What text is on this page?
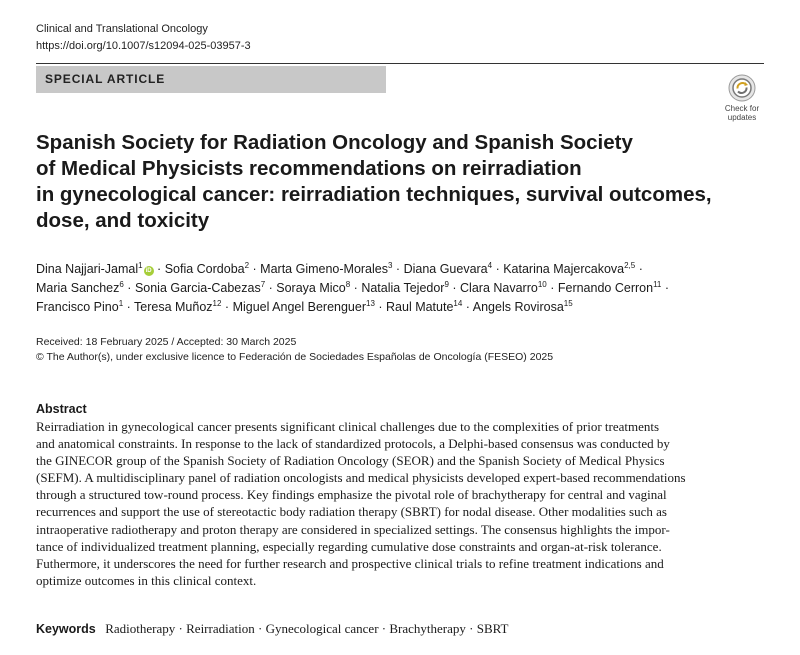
Clinical and Translational Oncology
https://doi.org/10.1007/s12094-025-03957-3
SPECIAL ARTICLE
Check for
updates
Spanish Society for Radiation Oncology and Spanish Society
of Medical Physicists recommendations on reirradiation
in gynecological cancer: reirradiation techniques, survival outcomes,
dose, and toxicity
Dina Najjari-Jamal$^1$iD · Sofia Cordoba$^2$ · Marta Gimeno-Morales$^3$ · Diana Guevara$^4$ · Katarina Majercakova$^{2,5}$ ·
Maria Sanchez$^6$ · Sonia Garcia-Cabezas$^7$ · Soraya Mico$^8$ · Natalia Tejedor$^9$ · Clara Navarro$^{10}$ · Fernando Cerron$^{11}$ ·
Francisco Pino$^1$ · Teresa Muñoz$^{12}$ · Miguel Angel Berenguer$^{13}$ · Raul Matute$^{14}$ · Angels Rovirosa$^{15}$
Received: 18 February 2025 / Accepted: 30 March 2025
© The Author(s), under exclusive licence to Federación de Sociedades Españolas de Oncología (FESEO) 2025
Abstract
Reirradiation in gynecological cancer presents significant clinical challenges due to the complexities of prior treatments
and anatomical constraints. In response to the lack of standardized protocols, a Delphi-based consensus was conducted by
the GINECOR group of the Spanish Society of Radiation Oncology (SEOR) and the Spanish Society of Medical Physics
(SEFM). A multidisciplinary panel of radiation oncologists and medical physicists developed expert-based recommendations
through a structured tow-round process. Key findings emphasize the pivotal role of brachytherapy for central and vaginal
recurrences and support the use of stereotactic body radiation therapy (SBRT) for nodal disease. Other modalities such as
intraoperative radiotherapy and proton therapy are considered in specialized settings. The consensus highlights the impor-
tance of individualized treatment planning, especially regarding cumulative dose constraints and organ-at-risk tolerance.
Futhermore, it underscores the need for further research and prospective clinical trials to refine treatment indications and
optimize outcomes in this clinical context.
Keywords Radiotherapy · Reirradiation · Gynecological cancer · Brachytherapy · SBRT
